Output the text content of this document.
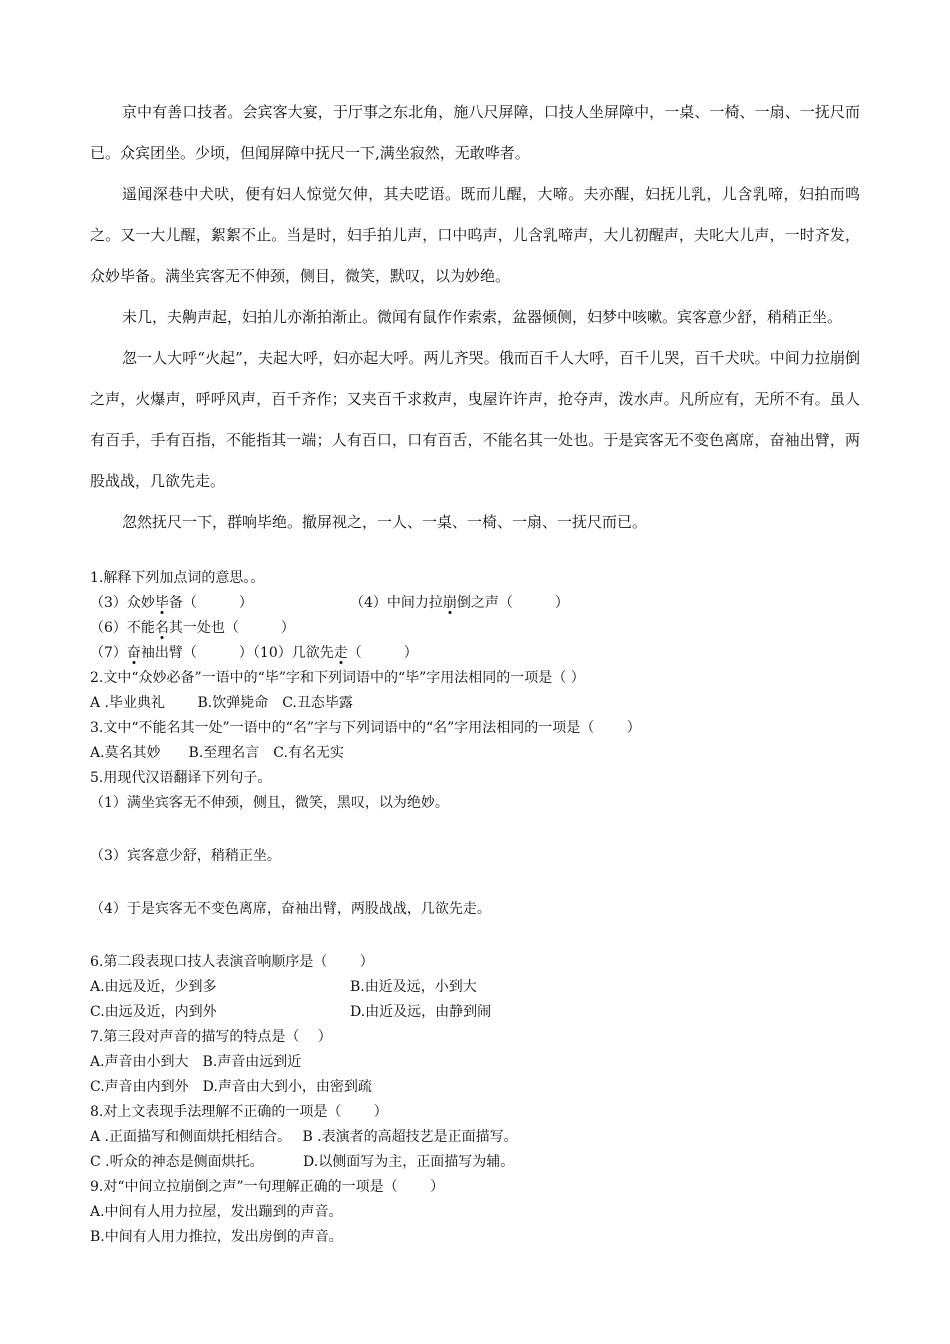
京中有善口技者。会宾客大宴，于厅事之东北角，施八尺屏障，口技人坐屏障中，一桌、一椅、一扇、一抚尺而已。众宾团坐。少顷，但闻屏障中抚尺一下,满坐寂然，无敢哗者。

遥闻深巷中犬吠，便有妇人惊觉欠伸，其夫呓语。既而儿醒，大啼。夫亦醒，妇抚儿乳，儿含乳啼，妇拍而鸣之。又一大儿醒，絮絮不止。当是时，妇手拍儿声，口中呜声，儿含乳啼声，大儿初醒声，夫叱大儿声，一时齐发，众妙毕备。满坐宾客无不伸颈，侧目，微笑，默叹，以为妙绝。

未几，夫齁声起，妇拍儿亦渐拍渐止。微闻有鼠作作索索，盆器倾侧，妇梦中咳嗽。宾客意少舒，稍稍正坐。

忽一人大呼“火起”，夫起大呼，妇亦起大呼。两儿齐哭。俄而百千人大呼，百千儿哭，百千犬吠。中间力拉崩倒之声，火爆声，呼呼风声，百千齐作；又夹百千求救声，曳屋许许声，抢夺声，泼水声。凡所应有，无所不有。虽人有百手，手有百指，不能指其一端；人有百口，口有百舌，不能名其一处也。于是宾客无不变色离席，奋袖出臂，两股战战，几欲先走。

忽然抚尺一下，群响毕绝。撤屏视之，一人、一桌、一椅、一扇、一抚尺而已。

1.解释下列加点词的意思。。
（3）众妙毕备（　　　）	（4）中间力拉崩倒之声（　　　）
（6）不能名其一处也（　　　）
（7）奋袖出臂（　　　）（10）几欲先走（　　　）
2.文中“众妙必备”一语中的“毕”字和下列词语中的“毕”字用法相同的一项是（ ）
A .毕业典礼　　 B.饮弹毙命　C.丑态毕露
3.文中“不能名其一处”一语中的“名”字与下列词语中的“名”字用法相同的一项是（　　 ）
A.莫名其妙　　B.至理名言　C.有名无实
5.用现代汉语翻译下列句子。
（1）满坐宾客无不伸颈，侧且，微笑，黑叹，以为绝妙。
（3）宾客意少舒，稍稍正坐。
（4）于是宾客无不变色离席，奋袖出臂，两股战战，几欲先走。
6.第二段表现口技人表演音响顺序是（　　 ）
A.由远及近，少到多	B.由近及远，小到大
C.由远及近，内到外	D.由近及远，由静到闹
7.第三段对声音的描写的特点是（　 ）
A.声音由小到大　B.声音由远到近
C.声音由内到外　D.声音由大到小，由密到疏
8.对上文表现手法理解不正确的一项是（　　 ）
A .正面描写和侧面烘托相结合。　 B .表演者的高超技艺是正面描写。
C .听众的神态是侧面烘托。　　　 D.以侧面写为主，正面描写为辅。
9.对“中间立拉崩倒之声”一句理解正确的一项是（　　 ）
A.中间有人用力拉屋，发出蹦到的声音。
B.中间有人用力推拉，发出房倒的声音。
